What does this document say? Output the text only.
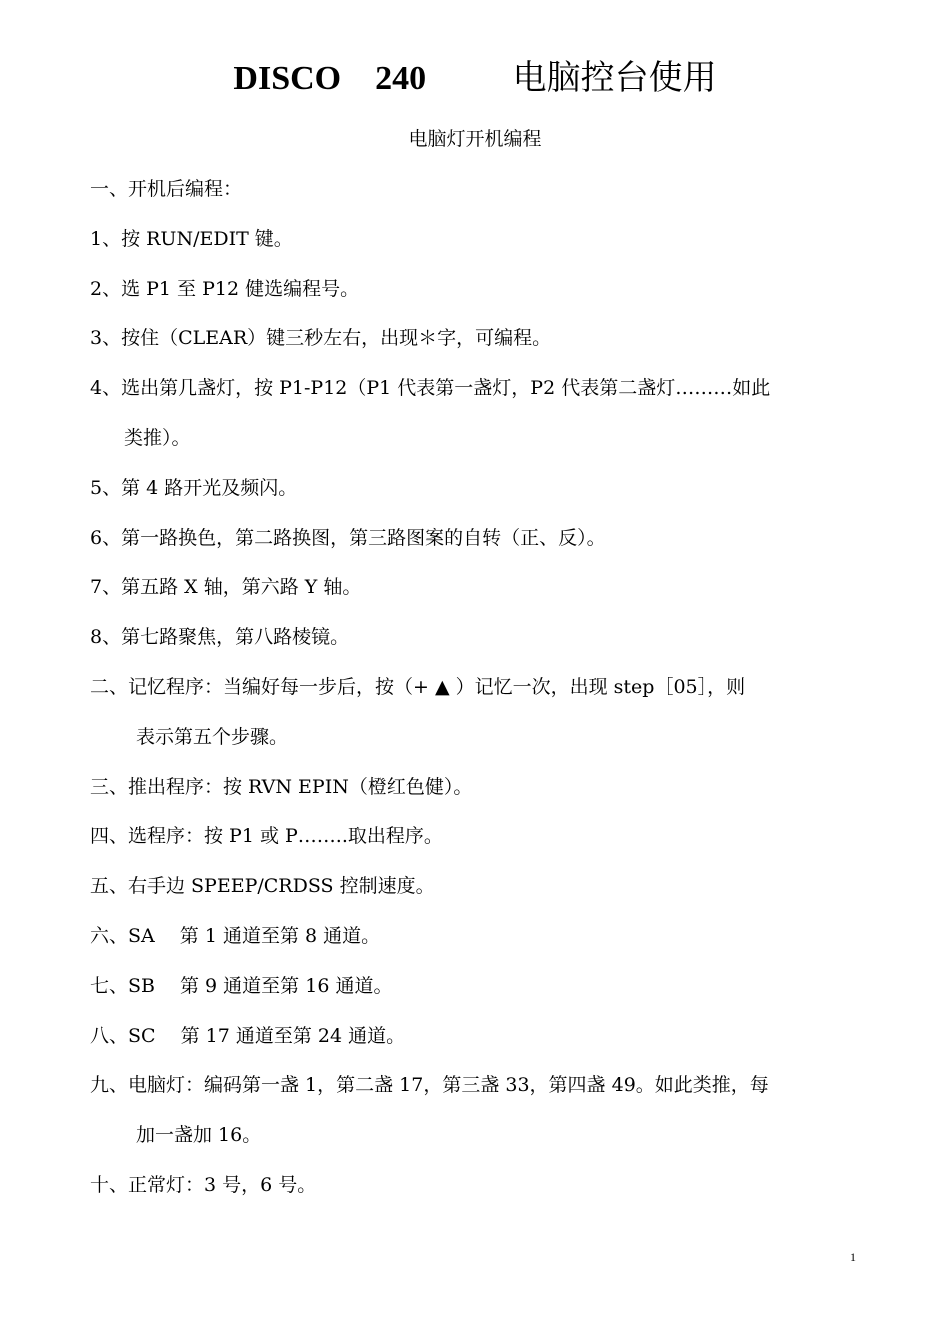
DISCO    240	电脑控台使用
电脑灯开机编程
一、开机后编程：
1、按 RUN/EDIT 键。
2、选 P1 至 P12 健选编程号。
3、按住（CLEAR）键三秒左右，出现＊字，可编程。
4、选出第几盏灯，按 P1-P12（P1 代表第一盏灯，P2 代表第二盏灯………如此
类推）。
5、第 4 路开光及频闪。
6、第一路换色，第二路换图，第三路图案的自转（正、反）。
7、第五路 X 轴，第六路 Y 轴。
8、第七路聚焦，第八路棱镜。
二、记忆程序：当编好每一步后，按（+ ▲ ）记忆一次，出现 step［05］，则
表示第五个步骤。
三、推出程序：按 RVN EPIN（橙红色健）。
四、选程序：按 P1 或 P……..取出程序。
五、右手边 SPEEP/CRDSS 控制速度。
六、SA　 第 1 通道至第 8 通道。
七、SB　 第 9 通道至第 16 通道。
八、SC　 第 17 通道至第 24 通道。
九、电脑灯：编码第一盏 1，第二盏 17，第三盏 33，第四盏 49。如此类推，每
加一盏加 16。
十、正常灯：3 号，6 号。
1
